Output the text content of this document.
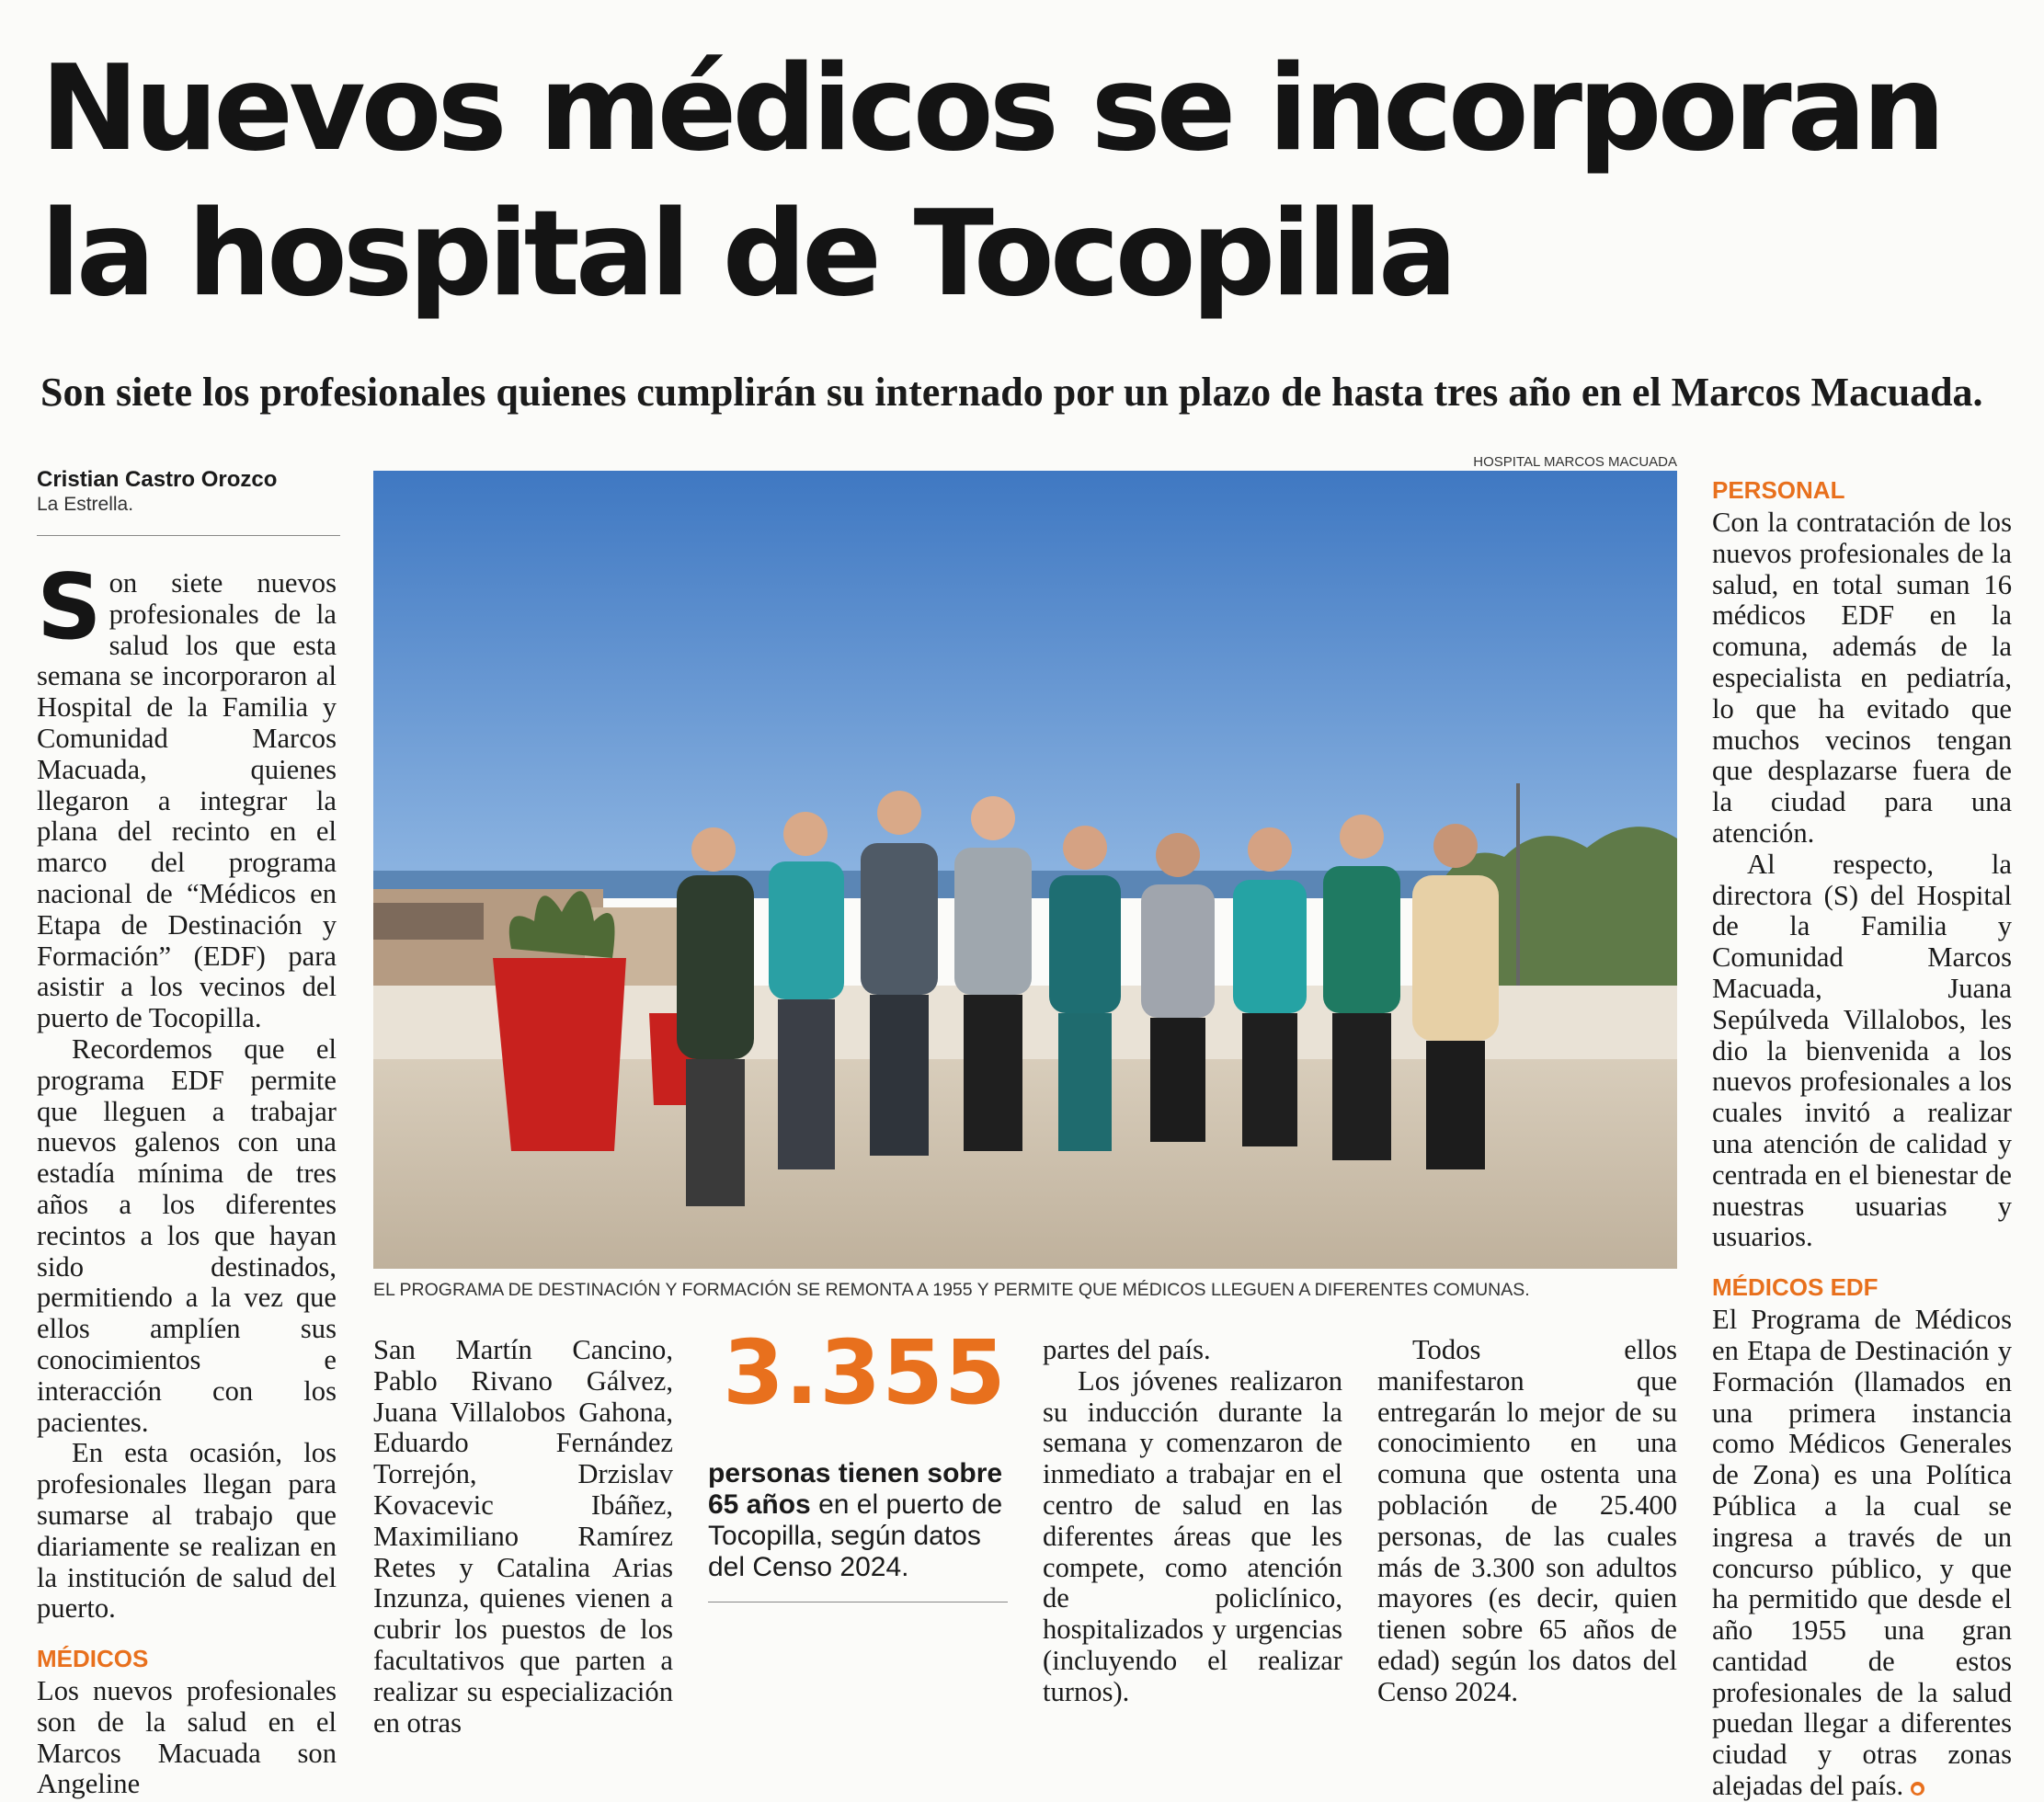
Nuevos médicos se incorporan
la hospital de Tocopilla
Son siete los profesionales quienes cumplirán su internado por un plazo de hasta tres año en el Marcos Macuada.
Cristian Castro Orozco
La Estrella.

Son siete nuevos profesionales de la salud los que esta semana se incorporaron al Hospital de la Familia y Comunidad Marcos Macuada, quienes llegaron a integrar la plana del recinto en el marco del programa nacional de “Médicos en Etapa de Destinación y Formación” (EDF) para asistir a los vecinos del puerto de Tocopilla.

Recordemos que el programa EDF permite que lleguen a trabajar nuevos galenos con una estadía mínima de tres años a los diferentes recintos a los que hayan sido destinados, permitiendo a la vez que ellos amplíen sus conocimientos e interacción con los pacientes.

En esta ocasión, los profesionales llegan para sumarse al trabajo que diariamente se realizan en la institución de salud del puerto.

MÉDICOS

Los nuevos profesionales son de la salud en el Marcos Macuada son Angeline

HOSPITAL MARCOS MACUADA
EL PROGRAMA DE DESTINACIÓN Y FORMACIÓN SE REMONTA A 1955 Y PERMITE QUE MÉDICOS LLEGUEN A DIFERENTES COMUNAS.

San Martín Cancino, Pablo Rivano Gálvez, Juana Villalobos Gahona, Eduardo Fernández Torrejón, Drzislav Kovacevic Ibáñez, Maximiliano Ramírez Retes y Catalina Arias Inzunza, quienes vienen a cubrir los puestos de los facultativos que parten a realizar su especialización en otras

3.355
personas tienen sobre 65 años en el puerto de Tocopilla, según datos del Censo 2024.

partes del país.

Los jóvenes realizaron su inducción durante la semana y comenzaron de inmediato a trabajar en el centro de salud en las diferentes áreas que les compete, como atención de policlínico, hospitalizados y urgencias (incluyendo el realizar turnos).

Todos ellos manifestaron que entregarán lo mejor de su conocimiento en una comuna que ostenta una población de 25.400 personas, de las cuales más de 3.300 son adultos mayores (es decir, quien tienen sobre 65 años de edad) según los datos del Censo 2024.

PERSONAL

Con la contratación de los nuevos profesionales de la salud, en total suman 16 médicos EDF en la comuna, además de la especialista en pediatría, lo que ha evitado que muchos vecinos tengan que desplazarse fuera de la ciudad para una atención.

Al respecto, la directora (S) del Hospital de la Familia y Comunidad Marcos Macuada, Juana Sepúlveda Villalobos, les dio la bienvenida a los nuevos profesionales a los cuales invitó a realizar una atención de calidad y centrada en el bienestar de nuestras usuarias y usuarios.

MÉDICOS EDF

El Programa de Médicos en Etapa de Destinación y Formación (llamados en una primera instancia como Médicos Generales de Zona) es una Política Pública a la cual se ingresa a través de un concurso público, y que ha permitido que desde el año 1955 una gran cantidad de estos profesionales de la salud puedan llegar a diferentes ciudad y otras zonas alejadas del país. ●
